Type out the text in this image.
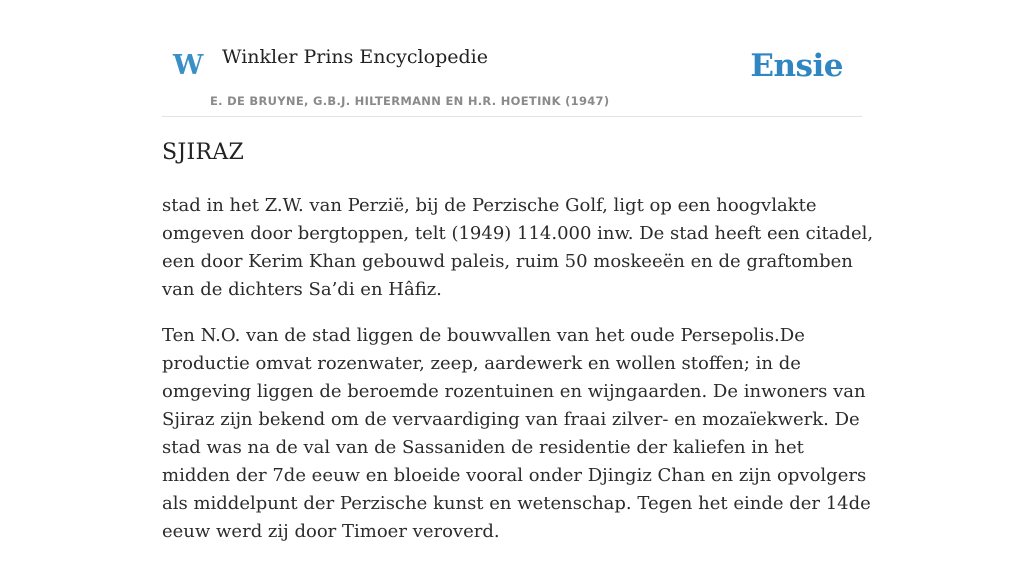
W Winkler Prins Encyclopedie
E. DE BRUYNE, G.B.J. HILTERMANN EN H.R. HOETINK (1947)
Ensie
SJIRAZ

stad in het Z.W. van Perzië, bij de Perzische Golf, ligt op een hoogvlakte omgeven door bergtoppen, telt (1949) 114.000 inw. De stad heeft een citadel, een door Kerim Khan gebouwd paleis, ruim 50 moskeeën en de graftomben van de dichters Sa’di en Hâfiz.

Ten N.O. van de stad liggen de bouwvallen van het oude Persepolis.De productie omvat rozenwater, zeep, aardewerk en wollen stoffen; in de omgeving liggen de beroemde rozentuinen en wijngaarden. De inwoners van Sjiraz zijn bekend om de vervaardiging van fraai zilver- en mozaïekwerk. De stad was na de val van de Sassaniden de residentie der kaliefen in het midden der 7de eeuw en bloeide vooral onder Djingiz Chan en zijn opvolgers als middelpunt der Perzische kunst en wetenschap. Tegen het einde der 14de eeuw werd zij door Timoer veroverd.
